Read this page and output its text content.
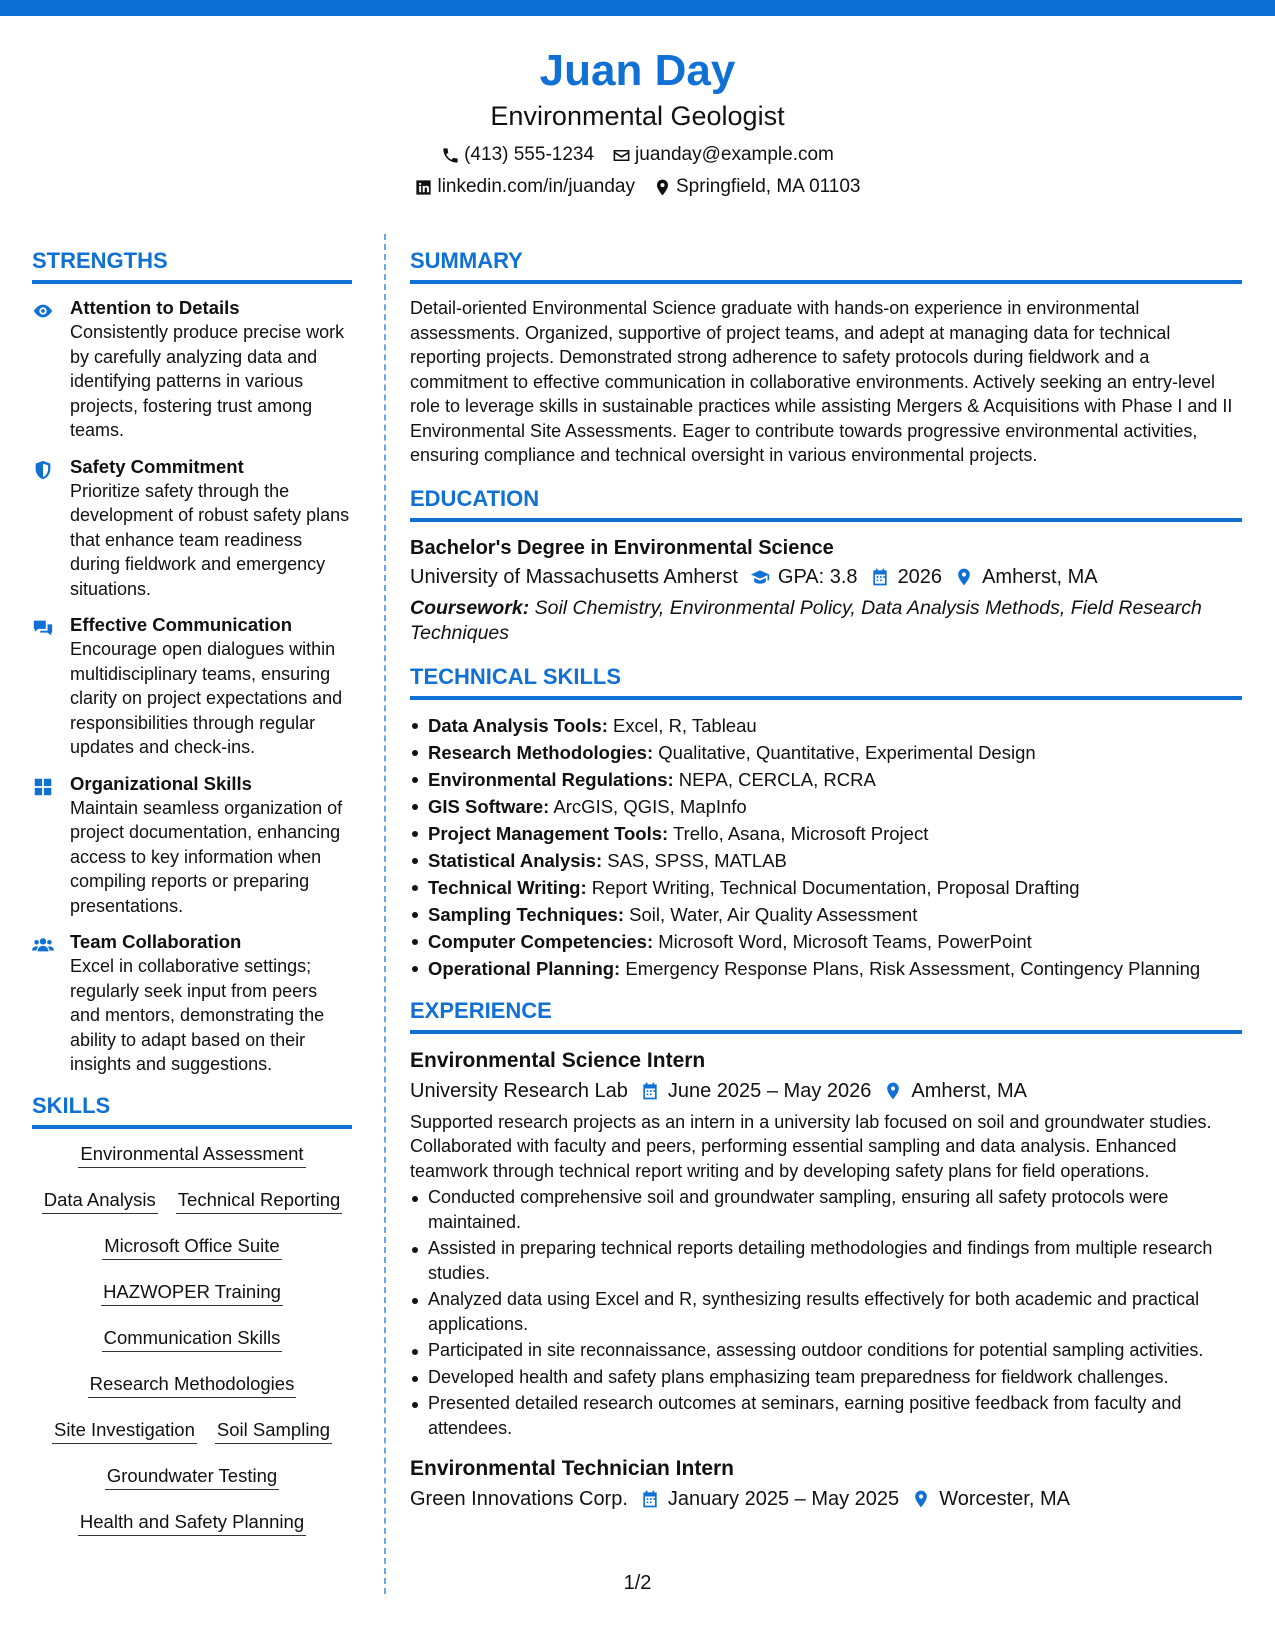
Juan Day
Environmental Geologist
(413) 555-1234 juanday@example.com
linkedin.com/in/juanday Springfield, MA 01103
STRENGTHS
Attention to Details
Consistently produce precise work by carefully analyzing data and identifying patterns in various projects, fostering trust among teams.
Safety Commitment
Prioritize safety through the development of robust safety plans that enhance team readiness during fieldwork and emergency situations.
Effective Communication
Encourage open dialogues within multidisciplinary teams, ensuring clarity on project expectations and responsibilities through regular updates and check-ins.
Organizational Skills
Maintain seamless organization of project documentation, enhancing access to key information when compiling reports or preparing presentations.
Team Collaboration
Excel in collaborative settings; regularly seek input from peers and mentors, demonstrating the ability to adapt based on their insights and suggestions.
SKILLS
Environmental Assessment
Data Analysis Technical Reporting
Microsoft Office Suite
HAZWOPER Training
Communication Skills
Research Methodologies
Site Investigation Soil Sampling
Groundwater Testing
Health and Safety Planning
SUMMARY
Detail-oriented Environmental Science graduate with hands-on experience in environmental assessments. Organized, supportive of project teams, and adept at managing data for technical reporting projects. Demonstrated strong adherence to safety protocols during fieldwork and a commitment to effective communication in collaborative environments. Actively seeking an entry-level role to leverage skills in sustainable practices while assisting Mergers & Acquisitions with Phase I and II Environmental Site Assessments. Eager to contribute towards progressive environmental activities, ensuring compliance and technical oversight in various environmental projects.
EDUCATION
Bachelor's Degree in Environmental Science
University of Massachusetts Amherst GPA: 3.8 2026 Amherst, MA
Coursework: Soil Chemistry, Environmental Policy, Data Analysis Methods, Field Research Techniques
TECHNICAL SKILLS
Data Analysis Tools: Excel, R, Tableau
Research Methodologies: Qualitative, Quantitative, Experimental Design
Environmental Regulations: NEPA, CERCLA, RCRA
GIS Software: ArcGIS, QGIS, MapInfo
Project Management Tools: Trello, Asana, Microsoft Project
Statistical Analysis: SAS, SPSS, MATLAB
Technical Writing: Report Writing, Technical Documentation, Proposal Drafting
Sampling Techniques: Soil, Water, Air Quality Assessment
Computer Competencies: Microsoft Word, Microsoft Teams, PowerPoint
Operational Planning: Emergency Response Plans, Risk Assessment, Contingency Planning
EXPERIENCE
Environmental Science Intern
University Research Lab June 2025 – May 2026 Amherst, MA
Supported research projects as an intern in a university lab focused on soil and groundwater studies. Collaborated with faculty and peers, performing essential sampling and data analysis. Enhanced teamwork through technical report writing and by developing safety plans for field operations.
Conducted comprehensive soil and groundwater sampling, ensuring all safety protocols were maintained.
Assisted in preparing technical reports detailing methodologies and findings from multiple research studies.
Analyzed data using Excel and R, synthesizing results effectively for both academic and practical applications.
Participated in site reconnaissance, assessing outdoor conditions for potential sampling activities.
Developed health and safety plans emphasizing team preparedness for fieldwork challenges.
Presented detailed research outcomes at seminars, earning positive feedback from faculty and attendees.
Environmental Technician Intern
Green Innovations Corp. January 2025 – May 2025 Worcester, MA
1/2
